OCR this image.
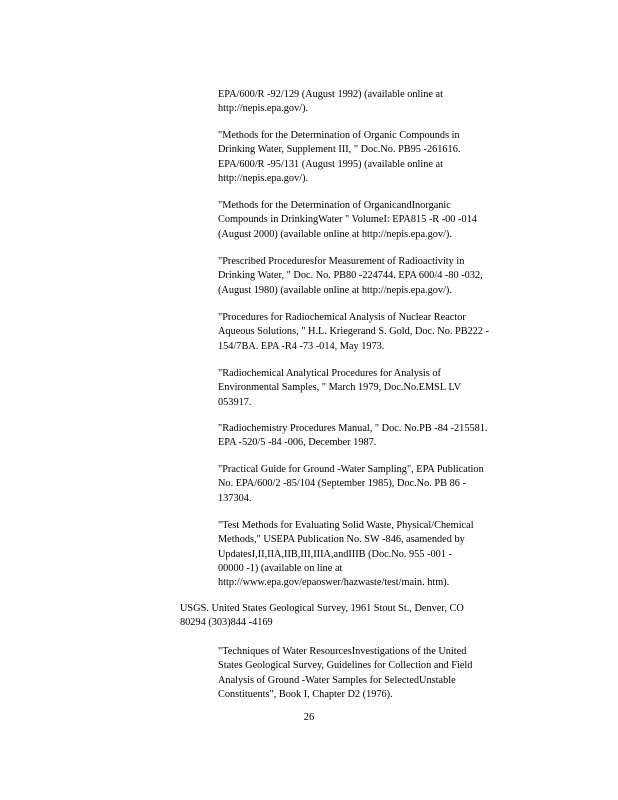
EPA/600/R -92/129 (August 1992) (available online at
http://nepis.epa.gov/).
"Methods for the Determination of Organic Compounds in
Drinking Water, Supplement III, " Doc.No. PB95 -261616.
EPA/600/R -95/131 (August 1995) (available online at
http://nepis.epa.gov/).
"Methods for the Determination of OrganicandInorganic
Compounds in DrinkingWater " VolumeI: EPA815 -R -00 -014
(August 2000) (available online at http://nepis.epa.gov/).
"Prescribed Proceduresfor Measurement of Radioactivity in
Drinking Water, " Doc. No. PB80 -224744. EPA 600/4 -80 -032,
(August 1980) (available online at http://nepis.epa.gov/).
"Procedures for Radiochemical Analysis of Nuclear Reactor
Aqueous Solutions, " H.L. Kriegerand S. Gold, Doc. No. PB222 -
154/7BA. EPA -R4 -73 -014, May 1973.
"Radiochemical Analytical Procedures for Analysis of
Environmental Samples, " March 1979, Doc.No.EMSL LV
053917.
"Radiochemistry Procedures Manual, " Doc. No.PB -84 -215581.
EPA -520/5 -84 -006, December 1987.
"Practical Guide for Ground -Water Sampling", EPA Publication
No. EPA/600/2 -85/104 (September 1985), Doc.No. PB 86 -
137304.
"Test Methods for Evaluating Solid Waste, Physical/Chemical
Methods," USEPA Publication No. SW -846, asamended by
UpdatesI,II,IIA,IIB,III,IIIA,andIIIB (Doc.No. 955 -001 -
00000 -1) (available on line at
http://www.epa.gov/epaoswer/hazwaste/test/main. htm).
USGS. United States Geological Survey, 1961 Stout St., Denver, CO
80294 (303)844 -4169
"Techniques of Water ResourcesInvestigations of the United
States Geological Survey, Guidelines for Collection and Field
Analysis of Ground -Water Samples for SelectedUnstable
Constituents", Book I, Chapter D2 (1976).
26
